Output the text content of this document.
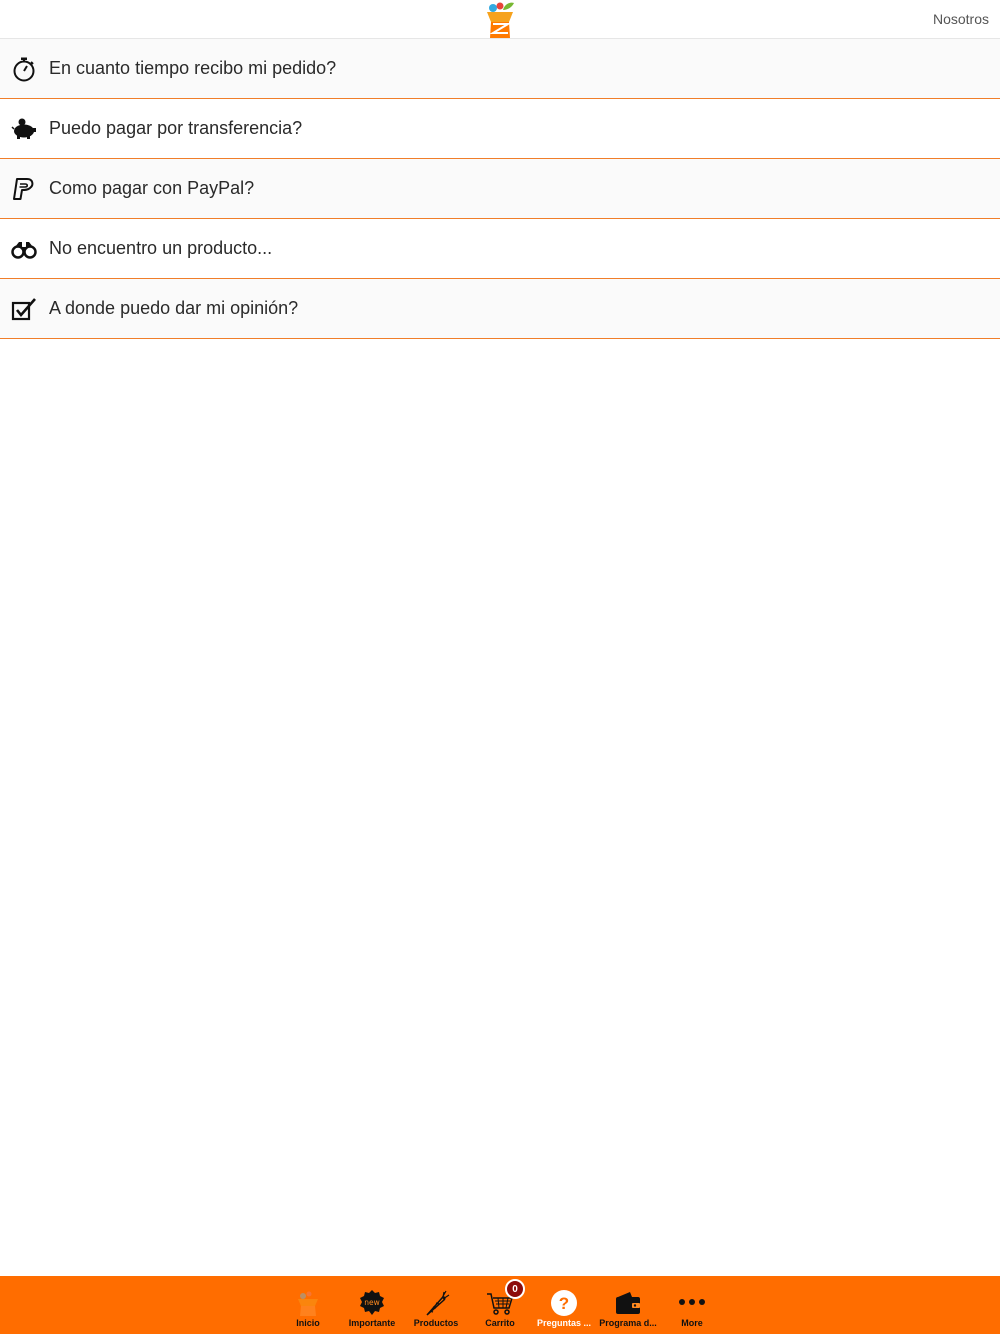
Nosotros
En cuanto tiempo recibo mi pedido?
Puedo pagar por transferencia?
Como pagar con PayPal?
No encuentro un producto...
A donde puedo dar mi opinión?
Inicio
new
Importante	Productos
0
Carrito
?
Preguntas ... Programa d...	More
